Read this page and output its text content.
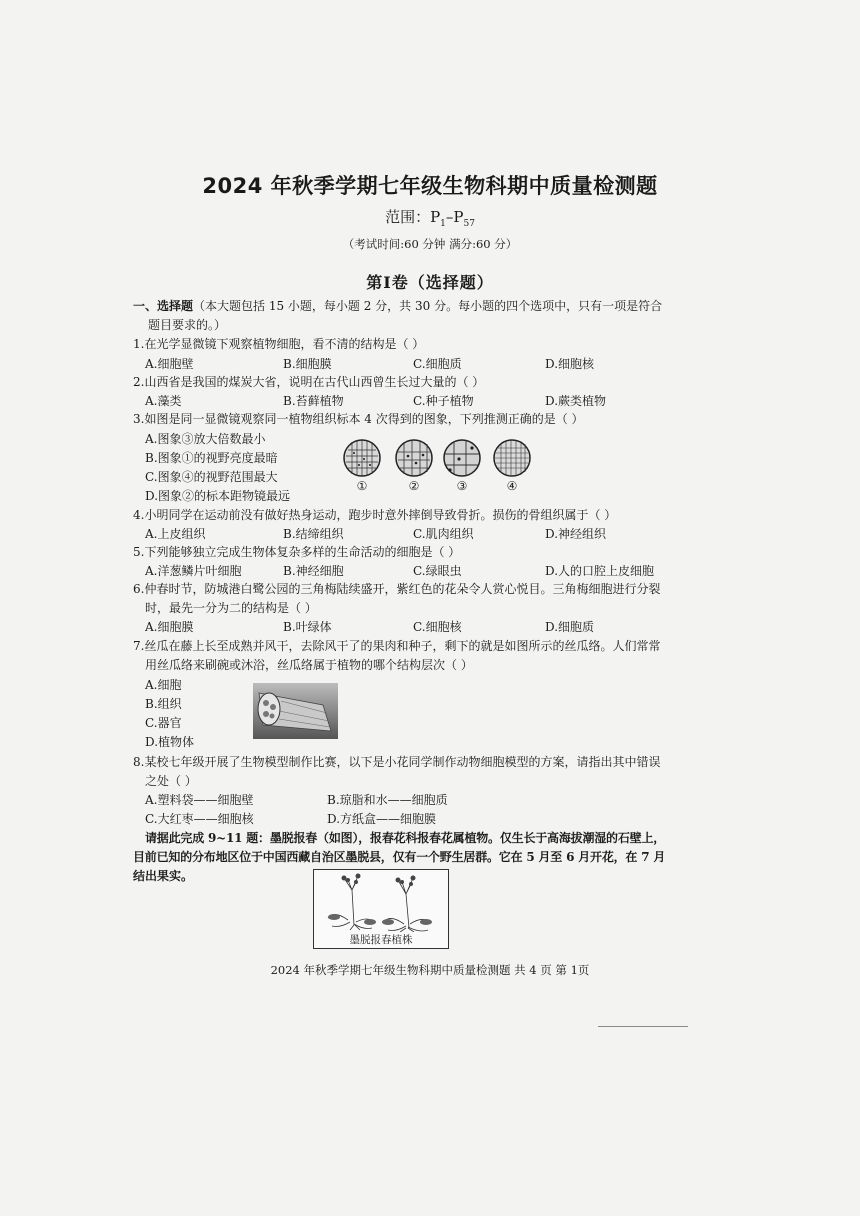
2024 年秋季学期七年级生物科期中质量检测题
范围：$P_1-P_{57}$
（考试时间:60 分钟 满分:60 分）
第Ⅰ卷（选择题）
一、选择题（本大题包括 15 小题，每小题 2 分，共 30 分。每小题的四个选项中，只有一项是符合
题目要求的。）
1.在光学显微镜下观察植物细胞，看不清的结构是（ ）
A.细胞壁	B.细胞膜	C.细胞质	D.细胞核
2.山西省是我国的煤炭大省，说明在古代山西曾生长过大量的（ ）
A.藻类	B.苔藓植物	C.种子植物	D.蕨类植物
3.如图是同一显微镜观察同一植物组织标本 4 次得到的图象，下列推测正确的是（ ）
A.图象③放大倍数最小
B.图象①的视野亮度最暗
C.图象④的视野范围最大
D.图象②的标本距物镜最远
①	②	③	④
4.小明同学在运动前没有做好热身运动，跑步时意外摔倒导致骨折。损伤的骨组织属于（ ）
A.上皮组织	B.结缔组织	C.肌肉组织	D.神经组织
5.下列能够独立完成生物体复杂多样的生命活动的细胞是（ ）
A.洋葱鳞片叶细胞	B.神经细胞	C.绿眼虫	D.人的口腔上皮细胞
6.仲春时节，防城港白鹭公园的三角梅陆续盛开，紫红色的花朵令人赏心悦目。三角梅细胞进行分裂
时，最先一分为二的结构是（ ）
A.细胞膜	B.叶绿体	C.细胞核	D.细胞质
7.丝瓜在藤上长至成熟并风干，去除风干了的果肉和种子，剩下的就是如图所示的丝瓜络。人们常常
用丝瓜络来刷碗或沐浴，丝瓜络属于植物的哪个结构层次（ ）
A.细胞
B.组织
C.器官
D.植物体
8.某校七年级开展了生物模型制作比赛，以下是小花同学制作动物细胞模型的方案，请指出其中错误
之处（ ）
A.塑料袋——细胞壁	B.琼脂和水——细胞质
C.大红枣——细胞核	D.方纸盒——细胞膜
请据此完成 9~11 题：墨脱报春（如图），报春花科报春花属植物。仅生长于高海拔潮湿的石壁上，
目前已知的分布地区位于中国西藏自治区墨脱县，仅有一个野生居群。它在 5 月至 6 月开花，在 7 月
结出果实。
墨脱报春植株
2024 年秋季学期七年级生物科期中质量检测题 共 4 页 第 1页
